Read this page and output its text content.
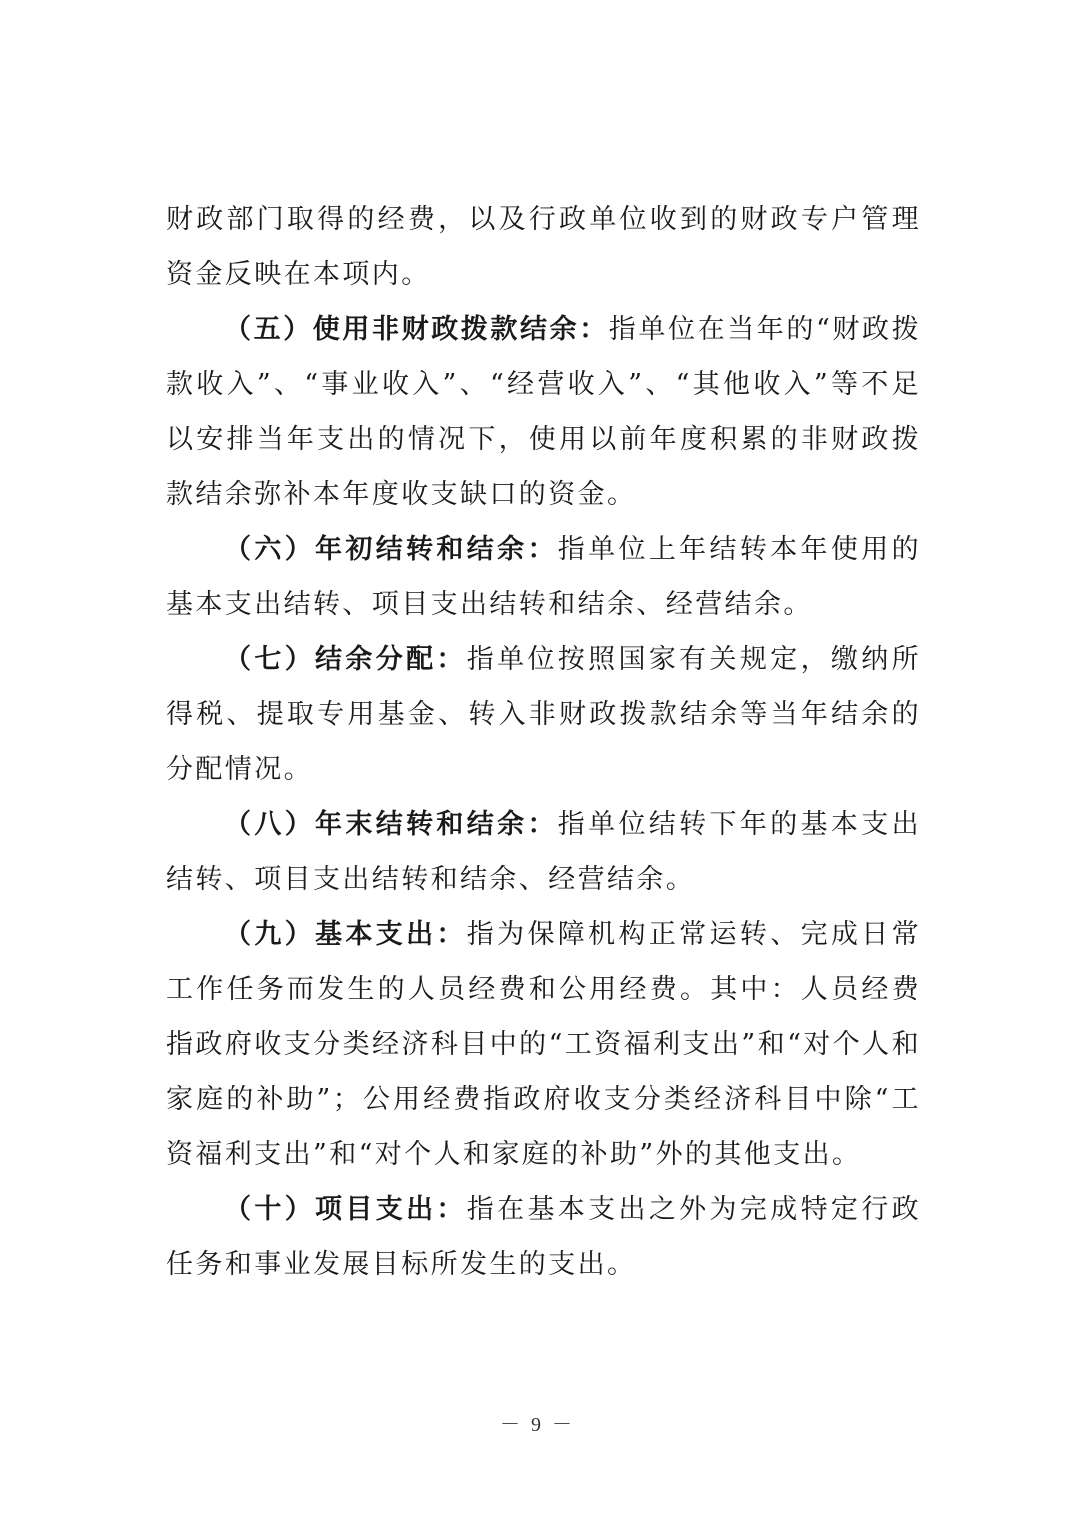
财政部门取得的经费，以及行政单位收到的财政专户管理资金反映在本项内。

（五）使用非财政拨款结余：指单位在当年的“财政拨款收入”、“事业收入”、“经营收入”、“其他收入”等不足以安排当年支出的情况下，使用以前年度积累的非财政拨款结余弥补本年度收支缺口的资金。

（六）年初结转和结余：指单位上年结转本年使用的基本支出结转、项目支出结转和结余、经营结余。

（七）结余分配：指单位按照国家有关规定，缴纳所得税、提取专用基金、转入非财政拨款结余等当年结余的分配情况。

（八）年末结转和结余：指单位结转下年的基本支出结转、项目支出结转和结余、经营结余。

（九）基本支出：指为保障机构正常运转、完成日常工作任务而发生的人员经费和公用经费。其中：人员经费指政府收支分类经济科目中的“工资福利支出”和“对个人和家庭的补助”；公用经费指政府收支分类经济科目中除“工资福利支出”和“对个人和家庭的补助”外的其他支出。

（十）项目支出：指在基本支出之外为完成特定行政任务和事业发展目标所发生的支出。

－ 9 －
